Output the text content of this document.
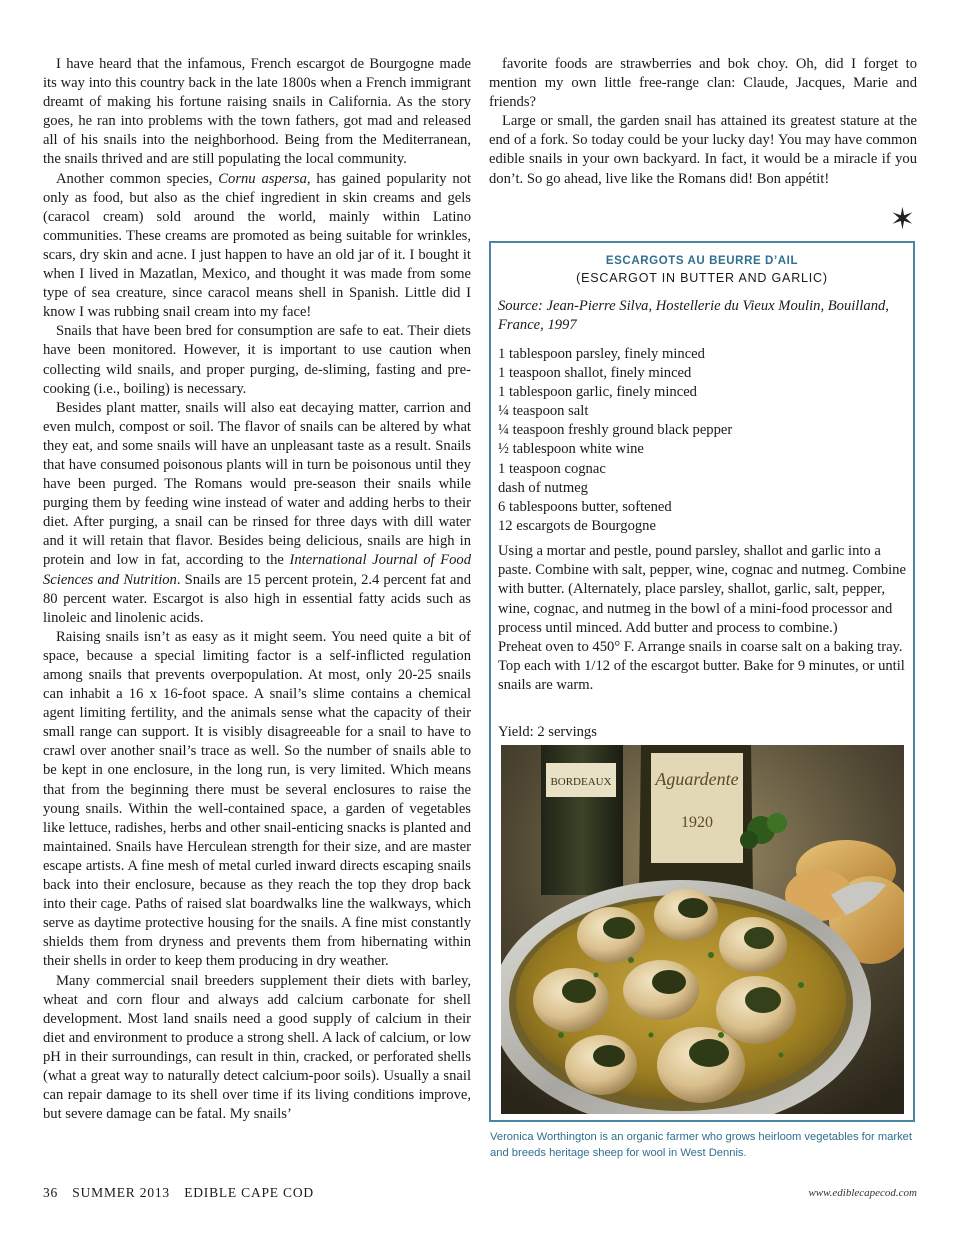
I have heard that the infamous, French escargot de Bourgogne made its way into this country back in the late 1800s when a French immigrant dreamt of making his fortune raising snails in California. As the story goes, he ran into problems with the town fathers, got mad and released all of his snails into the neighborhood. Being from the Mediterranean, the snails thrived and are still populating the local community.

Another common species, Cornu aspersa, has gained popularity not only as food, but also as the chief ingredient in skin creams and gels (caracol cream) sold around the world, mainly within Latino communities. These creams are promoted as being suitable for wrinkles, scars, dry skin and acne. I just happen to have an old jar of it. I bought it when I lived in Mazatlan, Mexico, and thought it was made from some type of sea creature, since caracol means shell in Spanish. Little did I know I was rubbing snail cream into my face!

Snails that have been bred for consumption are safe to eat. Their diets have been monitored. However, it is important to use caution when collecting wild snails, and proper purging, de-sliming, fasting and pre-cooking (i.e., boiling) is necessary.

Besides plant matter, snails will also eat decaying matter, carrion and even mulch, compost or soil. The flavor of snails can be altered by what they eat, and some snails will have an unpleasant taste as a result. Snails that have consumed poisonous plants will in turn be poisonous until they have been purged. The Romans would pre-season their snails while purging them by feeding wine instead of water and adding herbs to their diet. After purging, a snail can be rinsed for three days with dill water and it will retain that flavor. Besides being delicious, snails are high in protein and low in fat, according to the International Journal of Food Sciences and Nutrition. Snails are 15 percent protein, 2.4 percent fat and 80 percent water. Escargot is also high in essential fatty acids such as linoleic and linolenic acids.

Raising snails isn’t as easy as it might seem. You need quite a bit of space, because a special limiting factor is a self-inflicted regulation among snails that prevents overpopulation. At most, only 20-25 snails can inhabit a 16 x 16-foot space. A snail’s slime contains a chemical agent limiting fertility, and the animals sense what the capacity of their small range can support. It is visibly disagreeable for a snail to have to crawl over another snail’s trace as well. So the number of snails able to be kept in one enclosure, in the long run, is very limited. Which means that from the beginning there must be several enclosures to raise the young snails. Within the well-contained space, a garden of vegetables like lettuce, radishes, herbs and other snail-enticing snacks is planted and maintained. Snails have Herculean strength for their size, and are master escape artists. A fine mesh of metal curled inward directs escaping snails back into their enclosure, because as they reach the top they drop back into their cage. Paths of raised slat boardwalks line the walkways, which serve as daytime protective housing for the snails. A fine mist constantly shields them from dryness and prevents them from hibernating within their shells in order to keep them producing in dry weather.

Many commercial snail breeders supplement their diets with barley, wheat and corn flour and always add calcium carbonate for shell development. Most land snails need a good supply of calcium in their diet and environment to produce a strong shell. A lack of calcium, or low pH in their surroundings, can result in thin, cracked, or perforated shells (what a great way to naturally detect calcium-poor soils). Usually a snail can repair damage to its shell over time if its living conditions improve, but severe damage can be fatal. My snails’

favorite foods are strawberries and bok choy. Oh, did I forget to mention my own little free-range clan: Claude, Jacques, Marie and friends?

Large or small, the garden snail has attained its greatest stature at the end of a fork. So today could be your lucky day! You may have common edible snails in your own backyard. In fact, it would be a miracle if you don’t. So go ahead, live like the Romans did! Bon appétit!

✶
ESCARGOTS AU BEURRE D’AIL
(ESCARGOT IN BUTTER AND GARLIC)
Source: Jean-Pierre Silva, Hostellerie du Vieux Moulin, Bouilland, France, 1997
1 tablespoon parsley, finely minced
1 teaspoon shallot, finely minced
1 tablespoon garlic, finely minced
¼ teaspoon salt
¼ teaspoon freshly ground black pepper
½ tablespoon white wine
1 teaspoon cognac
dash of nutmeg
6 tablespoons butter, softened
12 escargots de Bourgogne

Using a mortar and pestle, pound parsley, shallot and garlic into a paste. Combine with salt, pepper, wine, cognac and nutmeg. Combine with butter. (Alternately, place parsley, shallot, garlic, salt, pepper, wine, cognac, and nutmeg in the bowl of a mini-food processor and process until minced. Add butter and process to combine.)

Preheat oven to 450° F. Arrange snails in coarse salt on a baking tray. Top each with 1/12 of the escargot butter. Bake for 9 minutes, or until snails are warm.

Yield: 2 servings
BORDEAUX Aguardente
1920
Veronica Worthington is an organic farmer who grows heirloom vegetables for market and breeds heritage sheep for wool in West Dennis.
36 SUMMER 2013 EDIBLE CAPE COD	www.ediblecapecod.com
